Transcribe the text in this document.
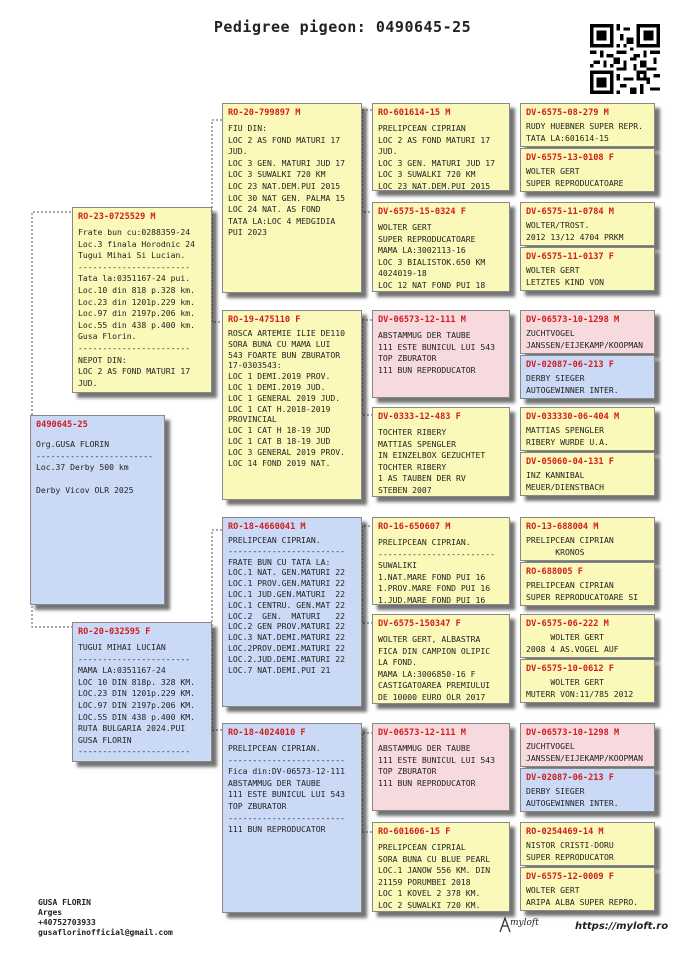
Pedigree pigeon: 0490645-25
0490645-25
Org.GUSA FLORIN
------------------------
Loc.37 Derby 500 km

Derby Vicov OLR 2025
RO-23-0725529 M
Frate bun cu:0288359-24
Loc.3 finala Horodnic 24
Tugui Mihai Si Lucian.
-----------------------
Tata la:0351167-24 pui.
Loc.10 din 818 p.328 km.
Loc.23 din 1201p.229 km.
Loc.97 din 2197p.206 km.
Loc.55 din 438 p.400 km.
Gusa Florin.
-----------------------
NEPOT DIN:
LOC 2 AS FOND MATURI 17
JUD.
RO-20-032595 F
TUGUI MIHAI LUCIAN
-----------------------
MAMA LA:0351167-24
LOC 10 DIN 818p. 328 KM.
LOC.23 DIN 1201p.229 KM.
LOC.97 DIN 2197p.206 KM.
LOC.55 DIN 438 p.400 KM.
RUTA BULGARIA 2024.PUI
GUSA FLORIN
-----------------------
RO-20-799897 M
FIU DIN:
LOC 2 AS FOND MATURI 17
JUD.
LOC 3 GEN. MATURI JUD 17
LOC 3 SUWALKI 720 KM
LOC 23 NAT.DEM.PUI 2015
LOC 30 NAT GEN. PALMA 15
LOC 24 NAT. AS FOND
TATA LA:LOC 4 MEDGIDIA
PUI 2023
RO-19-475110 F
ROSCA ARTEMIE ILIE DE110
SORA BUNA CU MAMA LUI
543 FOARTE BUN ZBURATOR
17-0303543:
LOC 1 DEMI.2019 PROV.
LOC 1 DEMI.2019 JUD.
LOC 1 GENERAL 2019 JUD.
LOC 1 CAT H.2018-2019
PROVINCIAL
LOC 1 CAT H 18-19 JUD
LOC 1 CAT B 18-19 JUD
LOC 3 GENERAL 2019 PROV.
LOC 14 FOND 2019 NAT.
RO-18-4660041 M
PRELIPCEAN CIPRIAN.
------------------------
FRATE BUN CU TATA LA:
LOC.1 NAT. GEN.MATURI 22
LOC.1 PROV.GEN.MATURI 22
LOC.1 JUD.GEN.MATURI  22
LOC.1 CENTRU. GEN.MAT 22
LOC.2  GEN.  MATURI   22
LOC.2 GEN PROV.MATURI 22
LOC.3 NAT.DEMI.MATURI 22
LOC.2PROV.DEMI.MATURI 22
LOC.2.JUD.DEMI.MATURI 22
LOC.7 NAT.DEMI.PUI 21
RO-18-4024010 F
PRELIPCEAN CIPRIAN.
------------------------
Fica din:DV-06573-12-111
ABSTAMMUG DER TAUBE
111 ESTE BUNICUL LUI 543
TOP ZBURATOR
------------------------
111 BUN REPRODUCATOR
RO-601614-15 M
PRELIPCEAN CIPRIAN
LOC 2 AS FOND MATURI 17
JUD.
LOC 3 GEN. MATURI JUD 17
LOC 3 SUWALKI 720 KM
LOC 23 NAT.DEM.PUI 2015
DV-6575-15-0324 F
WOLTER GERT
SUPER REPRODUCATOARE
MAMA LA:3002113-16
LOC 3 BIALISTOK.650 KM
4024019-18
LOC 12 NAT FOND PUI 18
DV-06573-12-111 M
ABSTAMMUG DER TAUBE
111 ESTE BUNICUL LUI 543
TOP ZBURATOR
111 BUN REPRODUCATOR
DV-0333-12-483 F
TOCHTER RIBERY
MATTIAS SPENGLER
IN EINZELBOX GEZUCHTET
TOCHTER RIBERY
1 AS TAUBEN DER RV
STEBEN 2007
RO-16-650607 M
PRELIPCEAN CIPRIAN.
------------------------
SUWALIKI
1.NAT.MARE FOND PUI 16
1.PROV.MARE FOND PUI 16
1.JUD.MARE FOND PUI 16
DV-6575-150347 F
WOLTER GERT, ALBASTRA
FICA DIN CAMPION OLIPIC
LA FOND.
MAMA LA:3006850-16 F
CASTIGATOAREA PREMIULUI
DE 10000 EURO OLR 2017
DV-06573-12-111 M
ABSTAMMUG DER TAUBE
111 ESTE BUNICUL LUI 543
TOP ZBURATOR
111 BUN REPRODUCATOR
RO-601606-15 F
PRELIPCEAN CIPRIAL
SORA BUNA CU BLUE PEARL
LOC.1 JANOW 556 KM. DIN
21159 PORUMBEI 2018
LOC 1 KOVEL 2 378 KM.
LOC 2 SUWALKI 720 KM.
DV-6575-08-279 M
RUDY HUEBNER SUPER REPR.
TATA LA:601614-15
DV-6575-13-0108 F
WOLTER GERT
SUPER REPRODUCATOARE
DV-6575-11-0784 M
WOLTER/TROST.
2012 13/12 4704 PRKM
DV-6575-11-0137 F
WOLTER GERT
LETZTES KIND VON
DV-06573-10-1298 M
ZUCHTVOGEL
JANSSEN/EIJEKAMP/KOOPMAN
DV-02087-06-213 F
DERBY SIEGER
AUTOGEWINNER INTER.
DV-033330-06-404 M
MATTIAS SPENGLER
RIBERY WURDE U.A.
DV-05060-04-131 F
INZ KANNIBAL
MEUER/DIENSTBACH
RO-13-688004 M
PRELIPCEAN CIPRIAN
KRONOS
RO-688005 F
PRELIPCEAN CIPRIAN
SUPER REPRODUCATOARE SI
DV-6575-06-222 M
WOLTER GERT
2008 4 AS.VOGEL AUF
DV-6575-10-0612 F
WOLTER GERT
MUTERR VON:11/785 2012
DV-06573-10-1298 M
ZUCHTVOGEL
JANSSEN/EIJEKAMP/KOOPMAN
DV-02087-06-213 F
DERBY SIEGER
AUTOGEWINNER INTER.
RO-0254469-14 M
NISTOR CRISTI-DORU
SUPER REPRODUCATOR
DV-6575-12-0009 F
WOLTER GERT
ARIPA ALBA SUPER REPRO.
GUSA FLORIN
Arges
+40752703933
gusaflorinofficial@gmail.com
myloft	https://myloft.ro
